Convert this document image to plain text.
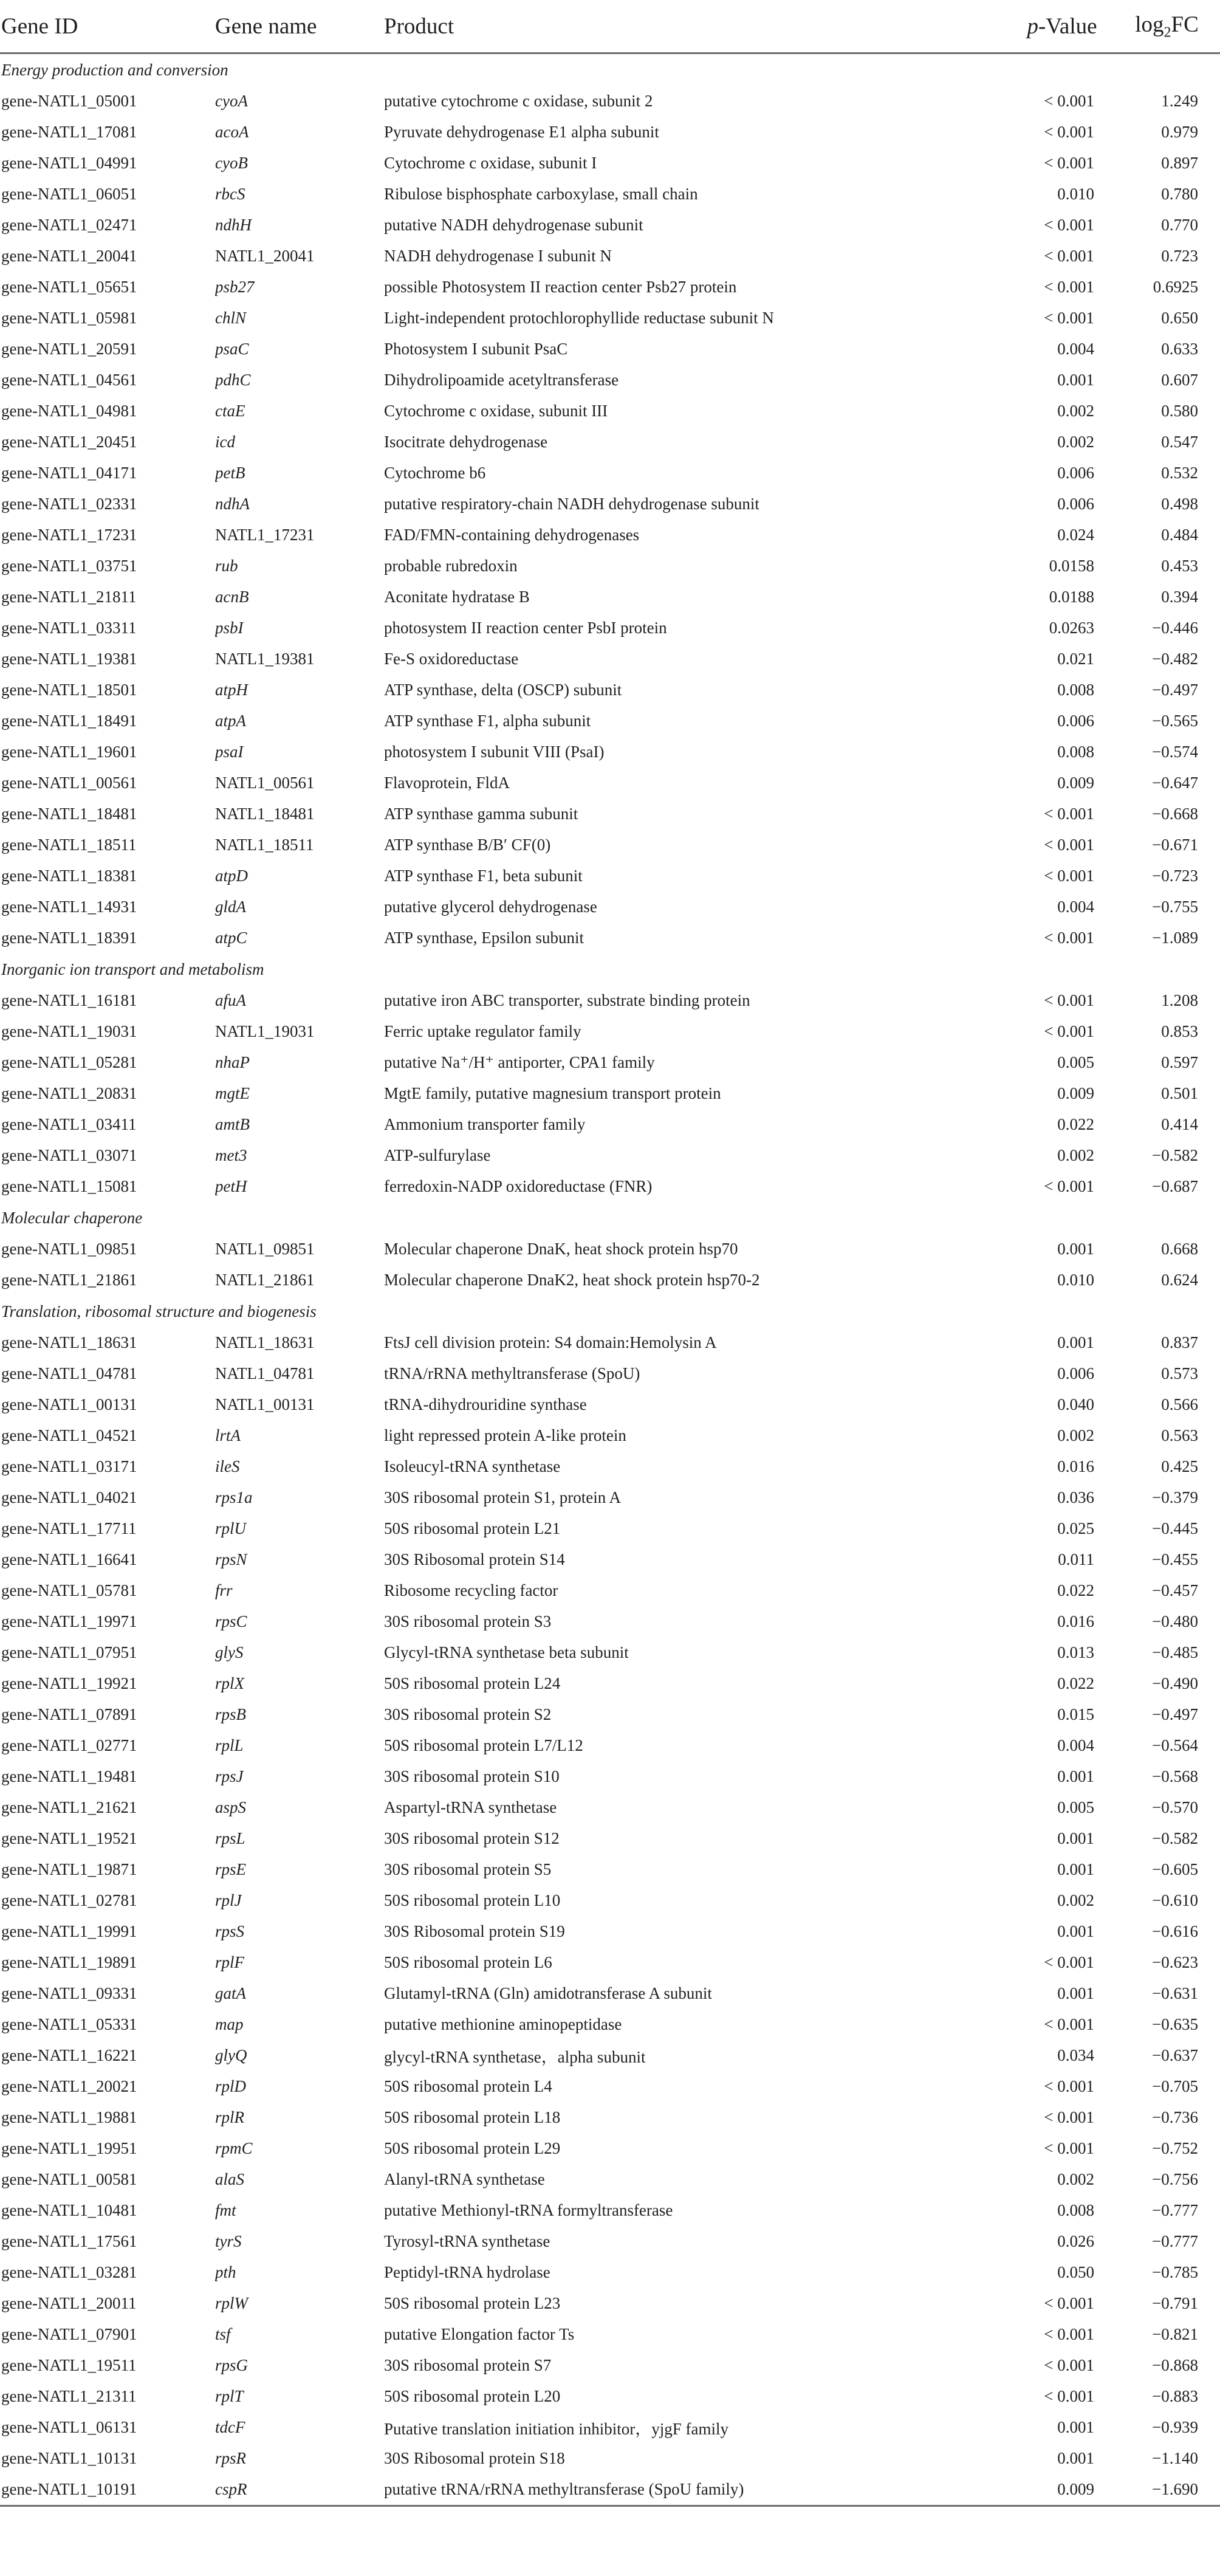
Gene ID	Gene name	Product	p-Value	$\log_2FC$
Energy production and conversion				
gene-NATL1_05001	cyoA	putative cytochrome c oxidase, subunit 2	< 0.001	1.249
gene-NATL1_17081	acoA	Pyruvate dehydrogenase E1 alpha subunit	< 0.001	0.979
gene-NATL1_04991	cyoB	Cytochrome c oxidase, subunit I	< 0.001	0.897
gene-NATL1_06051	rbcS	Ribulose bisphosphate carboxylase, small chain	0.010	0.780
gene-NATL1_02471	ndhH	putative NADH dehydrogenase subunit	< 0.001	0.770
gene-NATL1_20041	NATL1_20041	NADH dehydrogenase I subunit N	< 0.001	0.723
gene-NATL1_05651	psb27	possible Photosystem II reaction center Psb27 protein	< 0.001	0.6925
gene-NATL1_05981	chlN	Light-independent protochlorophyllide reductase subunit N	< 0.001	0.650
gene-NATL1_20591	psaC	Photosystem I subunit PsaC	0.004	0.633
gene-NATL1_04561	pdhC	Dihydrolipoamide acetyltransferase	0.001	0.607
gene-NATL1_04981	ctaE	Cytochrome c oxidase, subunit III	0.002	0.580
gene-NATL1_20451	icd	Isocitrate dehydrogenase	0.002	0.547
gene-NATL1_04171	petB	Cytochrome b6	0.006	0.532
gene-NATL1_02331	ndhA	putative respiratory-chain NADH dehydrogenase subunit	0.006	0.498
gene-NATL1_17231	NATL1_17231	FAD/FMN-containing dehydrogenases	0.024	0.484
gene-NATL1_03751	rub	probable rubredoxin	0.0158	0.453
gene-NATL1_21811	acnB	Aconitate hydratase B	0.0188	0.394
gene-NATL1_03311	psbI	photosystem II reaction center PsbI protein	0.0263	−0.446
gene-NATL1_19381	NATL1_19381	Fe-S oxidoreductase	0.021	−0.482
gene-NATL1_18501	atpH	ATP synthase, delta (OSCP) subunit	0.008	−0.497
gene-NATL1_18491	atpA	ATP synthase F1, alpha subunit	0.006	−0.565
gene-NATL1_19601	psaI	photosystem I subunit VIII (PsaI)	0.008	−0.574
gene-NATL1_00561	NATL1_00561	Flavoprotein, FldA	0.009	−0.647
gene-NATL1_18481	NATL1_18481	ATP synthase gamma subunit	< 0.001	−0.668
gene-NATL1_18511	NATL1_18511	ATP synthase B/B′ CF(0)	< 0.001	−0.671
gene-NATL1_18381	atpD	ATP synthase F1, beta subunit	< 0.001	−0.723
gene-NATL1_14931	gldA	putative glycerol dehydrogenase	0.004	−0.755
gene-NATL1_18391	atpC	ATP synthase, Epsilon subunit	< 0.001	−1.089
Inorganic ion transport and metabolism				
gene-NATL1_16181	afuA	putative iron ABC transporter, substrate binding protein	< 0.001	1.208
gene-NATL1_19031	NATL1_19031	Ferric uptake regulator family	< 0.001	0.853
gene-NATL1_05281	nhaP	putative Na⁺/H⁺ antiporter, CPA1 family	0.005	0.597
gene-NATL1_20831	mgtE	MgtE family, putative magnesium transport protein	0.009	0.501
gene-NATL1_03411	amtB	Ammonium transporter family	0.022	0.414
gene-NATL1_03071	met3	ATP-sulfurylase	0.002	−0.582
gene-NATL1_15081	petH	ferredoxin-NADP oxidoreductase (FNR)	< 0.001	−0.687
Molecular chaperone				
gene-NATL1_09851	NATL1_09851	Molecular chaperone DnaK, heat shock protein hsp70	0.001	0.668
gene-NATL1_21861	NATL1_21861	Molecular chaperone DnaK2, heat shock protein hsp70-2	0.010	0.624
Translation, ribosomal structure and biogenesis				
gene-NATL1_18631	NATL1_18631	FtsJ cell division protein: S4 domain:Hemolysin A	0.001	0.837
gene-NATL1_04781	NATL1_04781	tRNA/rRNA methyltransferase (SpoU)	0.006	0.573
gene-NATL1_00131	NATL1_00131	tRNA-dihydrouridine synthase	0.040	0.566
gene-NATL1_04521	lrtA	light repressed protein A-like protein	0.002	0.563
gene-NATL1_03171	ileS	Isoleucyl-tRNA synthetase	0.016	0.425
gene-NATL1_04021	rps1a	30S ribosomal protein S1, protein A	0.036	−0.379
gene-NATL1_17711	rplU	50S ribosomal protein L21	0.025	−0.445
gene-NATL1_16641	rpsN	30S Ribosomal protein S14	0.011	−0.455
gene-NATL1_05781	frr	Ribosome recycling factor	0.022	−0.457
gene-NATL1_19971	rpsC	30S ribosomal protein S3	0.016	−0.480
gene-NATL1_07951	glyS	Glycyl-tRNA synthetase beta subunit	0.013	−0.485
gene-NATL1_19921	rplX	50S ribosomal protein L24	0.022	−0.490
gene-NATL1_07891	rpsB	30S ribosomal protein S2	0.015	−0.497
gene-NATL1_02771	rplL	50S ribosomal protein L7/L12	0.004	−0.564
gene-NATL1_19481	rpsJ	30S ribosomal protein S10	0.001	−0.568
gene-NATL1_21621	aspS	Aspartyl-tRNA synthetase	0.005	−0.570
gene-NATL1_19521	rpsL	30S ribosomal protein S12	0.001	−0.582
gene-NATL1_19871	rpsE	30S ribosomal protein S5	0.001	−0.605
gene-NATL1_02781	rplJ	50S ribosomal protein L10	0.002	−0.610
gene-NATL1_19991	rpsS	30S Ribosomal protein S19	0.001	−0.616
gene-NATL1_19891	rplF	50S ribosomal protein L6	< 0.001	−0.623
gene-NATL1_09331	gatA	Glutamyl-tRNA (Gln) amidotransferase A subunit	0.001	−0.631
gene-NATL1_05331	map	putative methionine aminopeptidase	< 0.001	−0.635
gene-NATL1_16221	glyQ	glycyl-tRNA synthetase，alpha subunit	0.034	−0.637
gene-NATL1_20021	rplD	50S ribosomal protein L4	< 0.001	−0.705
gene-NATL1_19881	rplR	50S ribosomal protein L18	< 0.001	−0.736
gene-NATL1_19951	rpmC	50S ribosomal protein L29	< 0.001	−0.752
gene-NATL1_00581	alaS	Alanyl-tRNA synthetase	0.002	−0.756
gene-NATL1_10481	fmt	putative Methionyl-tRNA formyltransferase	0.008	−0.777
gene-NATL1_17561	tyrS	Tyrosyl-tRNA synthetase	0.026	−0.777
gene-NATL1_03281	pth	Peptidyl-tRNA hydrolase	0.050	−0.785
gene-NATL1_20011	rplW	50S ribosomal protein L23	< 0.001	−0.791
gene-NATL1_07901	tsf	putative Elongation factor Ts	< 0.001	−0.821
gene-NATL1_19511	rpsG	30S ribosomal protein S7	< 0.001	−0.868
gene-NATL1_21311	rplT	50S ribosomal protein L20	< 0.001	−0.883
gene-NATL1_06131	tdcF	Putative translation initiation inhibitor，yjgF family	0.001	−0.939
gene-NATL1_10131	rpsR	30S Ribosomal protein S18	0.001	−1.140
gene-NATL1_10191	cspR	putative tRNA/rRNA methyltransferase (SpoU family)	0.009	−1.690
